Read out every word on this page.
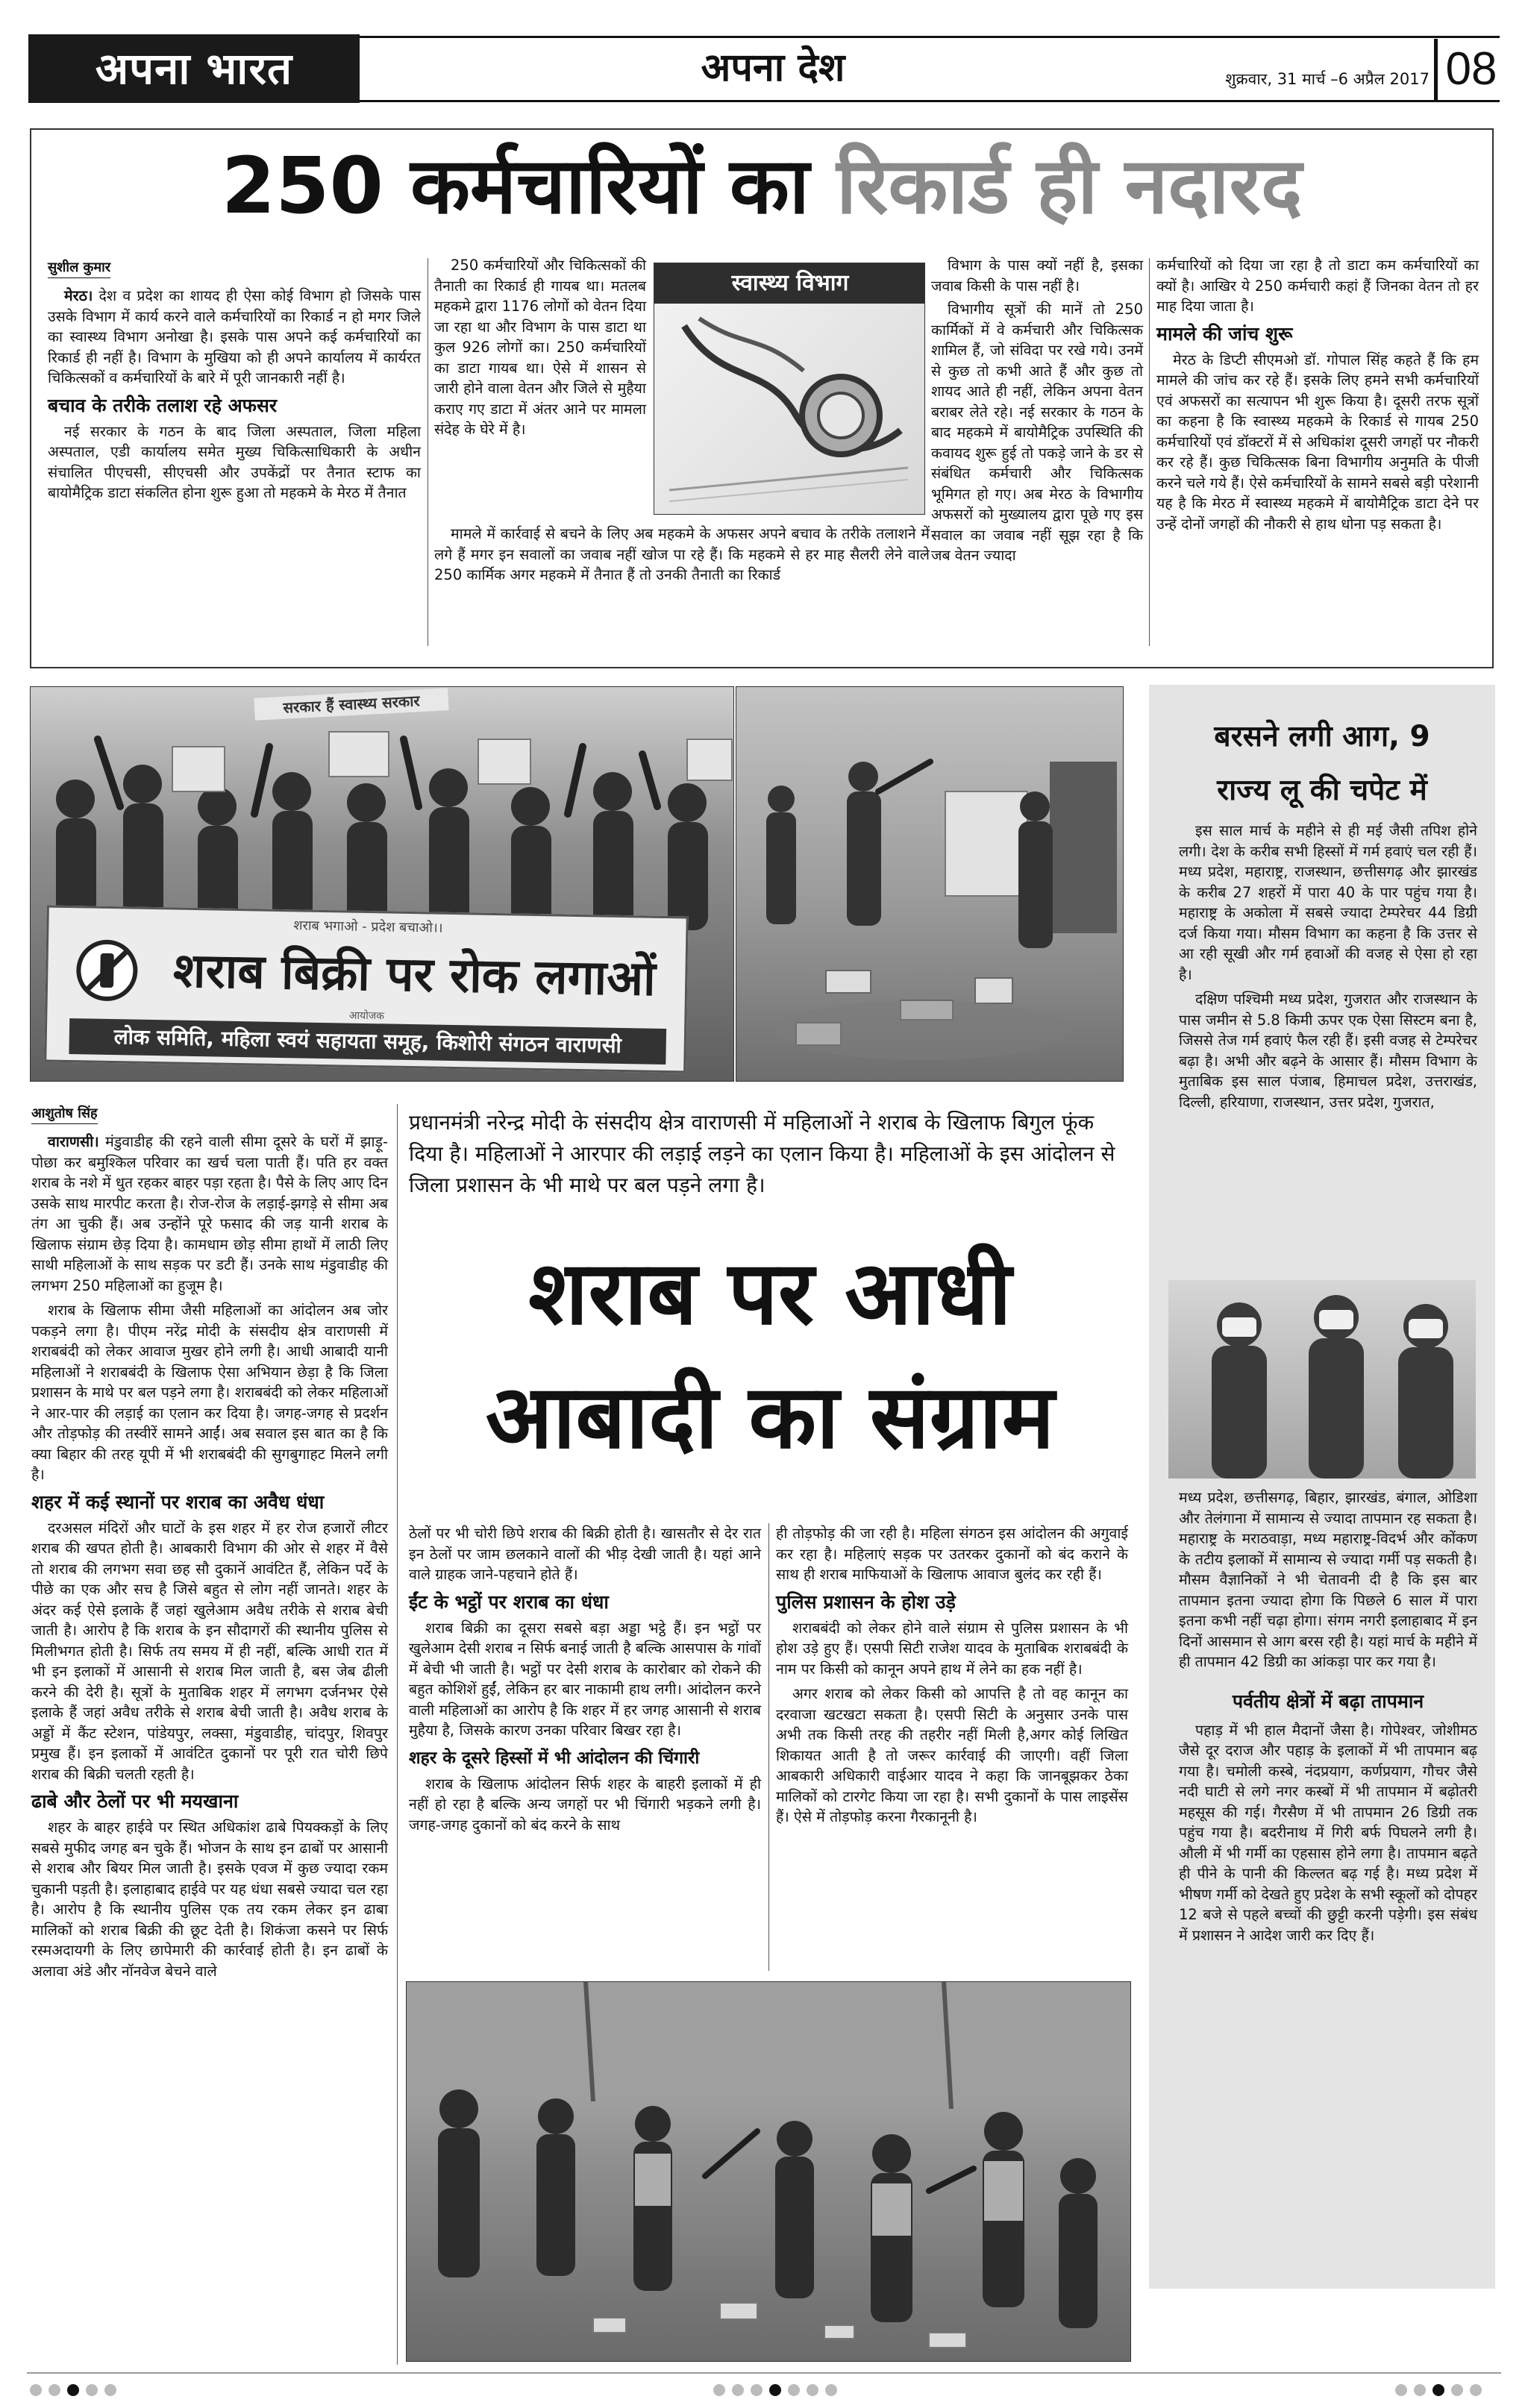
अपना भारत	अपना देश	शुक्रवार, 31 मार्च –6 अप्रैल 2017 08
250 कर्मचारियों का रिकार्ड ही नदारद
सुशील कुमार

मेरठ। देश व प्रदेश का शायद ही ऐसा कोई विभाग हो जिसके पास उसके विभाग में कार्य करने वाले कर्मचारियों का रिकार्ड न हो मगर जिले का स्वास्थ्य विभाग अनोखा है। इसके पास अपने कई कर्मचारियों का रिकार्ड ही नहीं है। विभाग के मुखिया को ही अपने कार्यालय में कार्यरत चिकित्सकों व कर्मचारियों के बारे में पूरी जानकारी नहीं है।

बचाव के तरीके तलाश रहे अफसर

नई सरकार के गठन के बाद जिला अस्पताल, जिला महिला अस्पताल, एडी कार्यालय समेत मुख्य चिकित्साधिकारी के अधीन संचालित पीएचसी, सीएचसी और उपकेंद्रों पर तैनात स्टाफ का बायोमैट्रिक डाटा संकलित होना शुरू हुआ तो महकमे के मेरठ में तैनात

250 कर्मचारियों और चिकित्सकों की तैनाती का रिकार्ड ही गायब था। मतलब महकमे द्वारा 1176 लोगों को वेतन दिया जा रहा था और विभाग के पास डाटा था कुल 926 लोगों का। 250 कर्मचारियों का डाटा गायब था। ऐसे में शासन से जारी होने वाला वेतन और जिले से मुहैया कराए गए डाटा में अंतर आने पर मामला संदेह के घेरे में है।

मामले में कार्रवाई से बचने के लिए अब महकमे के अफसर अपने बचाव के तरीके तलाशने में लगे हैं मगर इन सवालों का जवाब नहीं खोज पा रहे हैं। कि महकमे से हर माह सैलरी लेने वाले 250 कार्मिक अगर महकमे में तैनात हैं तो उनकी तैनाती का रिकार्ड

स्वास्थ्य विभाग

विभाग के पास क्यों नहीं है, इसका जवाब किसी के पास नहीं है।

विभागीय सूत्रों की मानें तो 250 कार्मिकों में वे कर्मचारी और चिकित्सक शामिल हैं, जो संविदा पर रखे गये। उनमें से कुछ तो कभी आते हैं और कुछ तो शायद आते ही नहीं, लेकिन अपना वेतन बराबर लेते रहे। नई सरकार के गठन के बाद महकमे में बायोमैट्रिक उपस्थिति की कवायद शुरू हुई तो पकड़े जाने के डर से संबंधित कर्मचारी और चिकित्सक भूमिगत हो गए। अब मेरठ के विभागीय अफसरों को मुख्यालय द्वारा पूछे गए इस सवाल का जवाब नहीं सूझ रहा है कि जब वेतन ज्यादा

कर्मचारियों को दिया जा रहा है तो डाटा कम कर्मचारियों का क्यों है। आखिर ये 250 कर्मचारी कहां हैं जिनका वेतन तो हर माह दिया जाता है।

मामले की जांच शुरू

मेरठ के डिप्टी सीएमओ डॉ. गोपाल सिंह कहते हैं कि हम मामले की जांच कर रहे हैं। इसके लिए हमने सभी कर्मचारियों एवं अफसरों का सत्यापन भी शुरू किया है। दूसरी तरफ सूत्रों का कहना है कि स्वास्थ्य महकमे के रिकार्ड से गायब 250 कर्मचारियों एवं डॉक्टरों में से अधिकांश दूसरी जगहों पर नौकरी कर रहे हैं। कुछ चिकित्सक बिना विभागीय अनुमति के पीजी करने चले गये हैं। ऐसे कर्मचारियों के सामने सबसे बड़ी परेशानी यह है कि मेरठ में स्वास्थ्य महकमे में बायोमैट्रिक डाटा देने पर उन्हें दोनों जगहों की नौकरी से हाथ धोना पड़ सकता है।

सरकार हैं स्वास्थ्य सरकार
शराब भगाओ - प्रदेश बचाओ।।
शराब बिक्री पर रोक लगाओं
आयोजक
लोक समिति, महिला स्वयं सहायता समूह, किशोरी संगठन वाराणसी
बरसने लगी आग, 9
राज्य लू की चपेट में

इस साल मार्च के महीने से ही मई जैसी तपिश होने लगी। देश के करीब सभी हिस्सों में गर्म हवाएं चल रही हैं। मध्य प्रदेश, महाराष्ट्र, राजस्थान, छत्तीसगढ़ और झारखंड के करीब 27 शहरों में पारा 40 के पार पहुंच गया है। महाराष्ट्र के अकोला में सबसे ज्यादा टेम्परेचर 44 डिग्री दर्ज किया गया। मौसम विभाग का कहना है कि उत्तर से आ रही सूखी और गर्म हवाओं की वजह से ऐसा हो रहा है।

दक्षिण पश्चिमी मध्य प्रदेश, गुजरात और राजस्थान के पास जमीन से 5.8 किमी ऊपर एक ऐसा सिस्टम बना है, जिससे तेज गर्म हवाएं फैल रही हैं। इसी वजह से टेम्परेचर बढ़ा है। अभी और बढ़ने के आसार हैं। मौसम विभाग के मुताबिक इस साल पंजाब, हिमाचल प्रदेश, उत्तराखंड, दिल्ली, हरियाणा, राजस्थान, उत्तर प्रदेश, गुजरात,

मध्य प्रदेश, छत्तीसगढ़, बिहार, झारखंड, बंगाल, ओडिशा और तेलंगाना में सामान्य से ज्यादा तापमान रह सकता है। महाराष्ट्र के मराठवाड़ा, मध्य महाराष्ट्र-विदर्भ और कोंकण के तटीय इलाकों में सामान्य से ज्यादा गर्मी पड़ सकती है। मौसम वैज्ञानिकों ने भी चेतावनी दी है कि इस बार तापमान इतना ज्यादा होगा कि पिछले 6 साल में पारा इतना कभी नहीं चढ़ा होगा। संगम नगरी इलाहाबाद में इन दिनों आसमान से आग बरस रही है। यहां मार्च के महीने में ही तापमान 42 डिग्री का आंकड़ा पार कर गया है।

पर्वतीय क्षेत्रों में बढ़ा तापमान

पहाड़ में भी हाल मैदानों जैसा है। गोपेश्वर, जोशीमठ जैसे दूर दराज और पहाड़ के इलाकों में भी तापमान बढ़ गया है। चमोली कस्बे, नंदप्रयाग, कर्णप्रयाग, गौचर जैसे नदी घाटी से लगे नगर कस्बों में भी तापमान में बढ़ोतरी महसूस की गई। गैरसैण में भी तापमान 26 डिग्री तक पहुंच गया है। बदरीनाथ में गिरी बर्फ पिघलने लगी है। औली में भी गर्मी का एहसास होने लगा है। तापमान बढ़ते ही पीने के पानी की किल्लत बढ़ गई है। मध्य प्रदेश में भीषण गर्मी को देखते हुए प्रदेश के सभी स्कूलों को दोपहर 12 बजे से पहले बच्चों की छुट्टी करनी पड़ेगी। इस संबंध में प्रशासन ने आदेश जारी कर दिए हैं।

आशुतोष सिंह

वाराणसी। मंडुवाडीह की रहने वाली सीमा दूसरे के घरों में झाड़ू-पोछा कर बमुश्किल परिवार का खर्च चला पाती हैं। पति हर वक्त शराब के नशे में धुत रहकर बाहर पड़ा रहता है। पैसे के लिए आए दिन उसके साथ मारपीट करता है। रोज-रोज के लड़ाई-झगड़े से सीमा अब तंग आ चुकी हैं। अब उन्होंने पूरे फसाद की जड़ यानी शराब के खिलाफ संग्राम छेड़ दिया है। कामधाम छोड़ सीमा हाथों में लाठी लिए साथी महिलाओं के साथ सड़क पर डटी हैं। उनके साथ मंडुवाडीह की लगभग 250 महिलाओं का हुजूम है।

शराब के खिलाफ सीमा जैसी महिलाओं का आंदोलन अब जोर पकड़ने लगा है। पीएम नरेंद्र मोदी के संसदीय क्षेत्र वाराणसी में शराबबंदी को लेकर आवाज मुखर होने लगी है। आधी आबादी यानी महिलाओं ने शराबबंदी के खिलाफ ऐसा अभियान छेड़ा है कि जिला प्रशासन के माथे पर बल पड़ने लगा है। शराबबंदी को लेकर महिलाओं ने आर-पार की लड़ाई का एलान कर दिया है। जगह-जगह से प्रदर्शन और तोड़फोड़ की तस्वीरें सामने आईं। अब सवाल इस बात का है कि क्या बिहार की तरह यूपी में भी शराबबंदी की सुगबुगाहट मिलने लगी है।

शहर में कई स्थानों पर शराब का अवैध धंधा

दरअसल मंदिरों और घाटों के इस शहर में हर रोज हजारों लीटर शराब की खपत होती है। आबकारी विभाग की ओर से शहर में वैसे तो शराब की लगभग सवा छह सौ दुकानें आवंटित हैं, लेकिन पर्दे के पीछे का एक और सच है जिसे बहुत से लोग नहीं जानते। शहर के अंदर कई ऐसे इलाके हैं जहां खुलेआम अवैध तरीके से शराब बेची जाती है। आरोप है कि शराब के इन सौदागरों की स्थानीय पुलिस से मिलीभगत होती है। सिर्फ तय समय में ही नहीं, बल्कि आधी रात में भी इन इलाकों में आसानी से शराब मिल जाती है, बस जेब ढीली करने की देरी है। सूत्रों के मुताबिक शहर में लगभग दर्जनभर ऐसे इलाके हैं जहां अवैध तरीके से शराब बेची जाती है। अवैध शराब के अड्डों में कैंट स्टेशन, पांडेयपुर, लक्सा, मंडुवाडीह, चांदपुर, शिवपुर प्रमुख हैं। इन इलाकों में आवंटित दुकानों पर पूरी रात चोरी छिपे शराब की बिक्री चलती रहती है।

ढाबे और ठेलों पर भी मयखाना

शहर के बाहर हाईवे पर स्थित अधिकांश ढाबे पियक्कड़ों के लिए सबसे मुफीद जगह बन चुके हैं। भोजन के साथ इन ढाबों पर आसानी से शराब और बियर मिल जाती है। इसके एवज में कुछ ज्यादा रकम चुकानी पड़ती है। इलाहाबाद हाईवे पर यह धंधा सबसे ज्यादा चल रहा है। आरोप है कि स्थानीय पुलिस एक तय रकम लेकर इन ढाबा मालिकों को शराब बिक्री की छूट देती है। शिकंजा कसने पर सिर्फ रस्मअदायगी के लिए छापेमारी की कार्रवाई होती है। इन ढाबों के अलावा अंडे और नॉनवेज बेचने वाले

प्रधानमंत्री नरेन्द्र मोदी के संसदीय क्षेत्र वाराणसी में महिलाओं ने शराब के खिलाफ बिगुल फूंक दिया है। महिलाओं ने आरपार की लड़ाई लड़ने का एलान किया है। महिलाओं के इस आंदोलन से जिला प्रशासन के भी माथे पर बल पड़ने लगा है।
शराब पर आधी
आबादी का संग्राम

ठेलों पर भी चोरी छिपे शराब की बिक्री होती है। खासतौर से देर रात इन ठेलों पर जाम छलकाने वालों की भीड़ देखी जाती है। यहां आने वाले ग्राहक जाने-पहचाने होते हैं।

ईंट के भट्ठों पर शराब का धंधा

शराब बिक्री का दूसरा सबसे बड़ा अड्डा भट्ठे हैं। इन भट्ठों पर खुलेआम देसी शराब न सिर्फ बनाई जाती है बल्कि आसपास के गांवों में बेची भी जाती है। भट्ठों पर देसी शराब के कारोबार को रोकने की बहुत कोशिशें हुईं, लेकिन हर बार नाकामी हाथ लगी। आंदोलन करने वाली महिलाओं का आरोप है कि शहर में हर जगह आसानी से शराब मुहैया है, जिसके कारण उनका परिवार बिखर रहा है।

शहर के दूसरे हिस्सों में भी आंदोलन की चिंगारी

शराब के खिलाफ आंदोलन सिर्फ शहर के बाहरी इलाकों में ही नहीं हो रहा है बल्कि अन्य जगहों पर भी चिंगारी भड़कने लगी है। जगह-जगह दुकानों को बंद करने के साथ

ही तोड़फोड़ की जा रही है। महिला संगठन इस आंदोलन की अगुवाई कर रहा है। महिलाएं सड़क पर उतरकर दुकानों को बंद कराने के साथ ही शराब माफियाओं के खिलाफ आवाज बुलंद कर रही हैं।

पुलिस प्रशासन के होश उड़े

शराबबंदी को लेकर होने वाले संग्राम से पुलिस प्रशासन के भी होश उड़े हुए हैं। एसपी सिटी राजेश यादव के मुताबिक शराबबंदी के नाम पर किसी को कानून अपने हाथ में लेने का हक नहीं है।

अगर शराब को लेकर किसी को आपत्ति है तो वह कानून का दरवाजा खटखटा सकता है। एसपी सिटी के अनुसार उनके पास अभी तक किसी तरह की तहरीर नहीं मिली है,अगर कोई लिखित शिकायत आती है तो जरूर कार्रवाई की जाएगी। वहीं जिला आबकारी अधिकारी वाईआर यादव ने कहा कि जानबूझकर ठेका मालिकों को टारगेट किया जा रहा है। सभी दुकानों के पास लाइसेंस हैं। ऐसे में तोड़फोड़ करना गैरकानूनी है।
